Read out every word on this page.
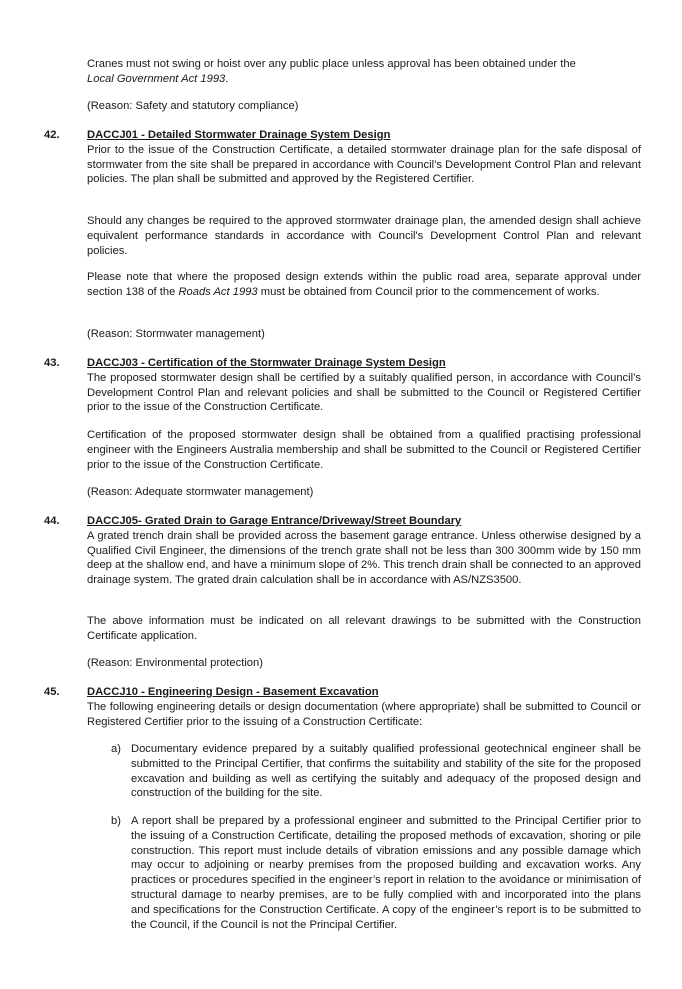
Cranes must not swing or hoist over any public place unless approval has been obtained under the
Local Government Act 1993.

(Reason: Safety and statutory compliance)

42. DACCJ01 - Detailed Stormwater Drainage System Design

Prior to the issue of the Construction Certificate, a detailed stormwater drainage plan for the safe disposal of stormwater from the site shall be prepared in accordance with Council’s Development Control Plan and relevant policies. The plan shall be submitted and approved by the Registered Certifier.

Should any changes be required to the approved stormwater drainage plan, the amended design shall achieve equivalent performance standards in accordance with Council's Development Control Plan and relevant policies.

Please note that where the proposed design extends within the public road area, separate approval under section 138 of the Roads Act 1993 must be obtained from Council prior to the commencement of works.

(Reason: Stormwater management)

43. DACCJ03 - Certification of the Stormwater Drainage System Design

The proposed stormwater design shall be certified by a suitably qualified person, in accordance with Council’s Development Control Plan and relevant policies and shall be submitted to the Council or Registered Certifier prior to the issue of the Construction Certificate.

Certification of the proposed stormwater design shall be obtained from a qualified practising professional engineer with the Engineers Australia membership and shall be submitted to the Council or Registered Certifier prior to the issue of the Construction Certificate.

(Reason: Adequate stormwater management)

44. DACCJ05- Grated Drain to Garage Entrance/Driveway/Street Boundary

A grated trench drain shall be provided across the basement garage entrance. Unless otherwise designed by a Qualified Civil Engineer, the dimensions of the trench grate shall not be less than 300 300mm wide by 150 mm deep at the shallow end, and have a minimum slope of 2%. This trench drain shall be connected to an approved drainage system. The grated drain calculation shall be in accordance with AS/NZS3500.

The above information must be indicated on all relevant drawings to be submitted with the Construction Certificate application.

(Reason: Environmental protection)

45. DACCJ10 - Engineering Design - Basement Excavation

The following engineering details or design documentation (where appropriate) shall be submitted to Council or Registered Certifier prior to the issuing of a Construction Certificate:

a) Documentary evidence prepared by a suitably qualified professional geotechnical engineer shall be submitted to the Principal Certifier, that confirms the suitability and stability of the site for the proposed excavation and building as well as certifying the suitably and adequacy of the proposed design and construction of the building for the site.

b) A report shall be prepared by a professional engineer and submitted to the Principal Certifier prior to the issuing of a Construction Certificate, detailing the proposed methods of excavation, shoring or pile construction. This report must include details of vibration emissions and any possible damage which may occur to adjoining or nearby premises from the proposed building and excavation works. Any practices or procedures specified in the engineer’s report in relation to the avoidance or minimisation of structural damage to nearby premises, are to be fully complied with and incorporated into the plans and specifications for the Construction Certificate. A copy of the engineer’s report is to be submitted to the Council, if the Council is not the Principal Certifier.
